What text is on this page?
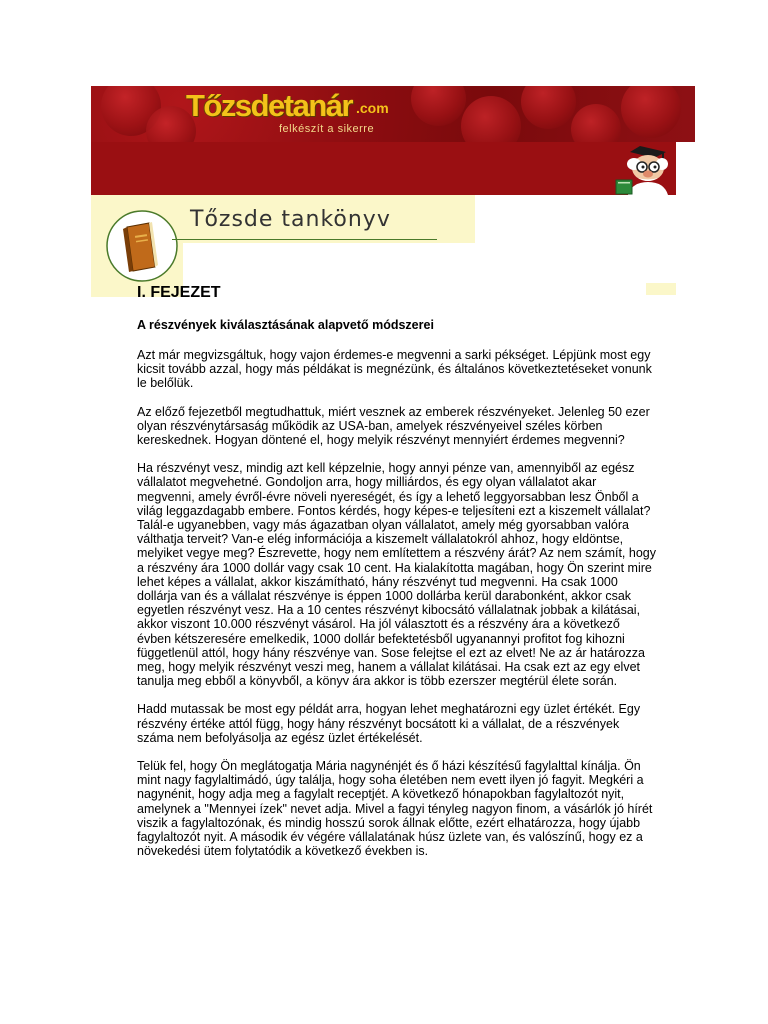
Tőzsdetanár .com
felkészít a sikerre
Tőzsde tankönyv
I. FEJEZET
A részvények kiválasztásának alapvető módszerei

Azt már megvizsgáltuk, hogy vajon érdemes-e megvenni a sarki pékséget. Lépjünk most egy kicsit tovább azzal, hogy más példákat is megnézünk, és általános következtetéseket vonunk le belőlük.

Az előző fejezetből megtudhattuk, miért vesznek az emberek részvényeket. Jelenleg 50 ezer olyan részvénytársaság működik az USA-ban, amelyek részvényeivel széles körben kereskednek. Hogyan döntené el, hogy melyik részvényt mennyiért érdemes megvenni?

Ha részvényt vesz, mindig azt kell képzelnie, hogy annyi pénze van, amennyiből az egész vállalatot megvehetné. Gondoljon arra, hogy milliárdos, és egy olyan vállalatot akar megvenni, amely évről-évre növeli nyereségét, és így a lehető leggyorsabban lesz Önből a világ leggazdagabb embere. Fontos kérdés, hogy képes-e teljesíteni ezt a kiszemelt vállalat? Talál-e ugyanebben, vagy más ágazatban olyan vállalatot, amely még gyorsabban valóra válthatja terveit? Van-e elég információja a kiszemelt vállalatokról ahhoz, hogy eldöntse, melyiket vegye meg? Észrevette, hogy nem említettem a részvény árát? Az nem számít, hogy a részvény ára 1000 dollár vagy csak 10 cent. Ha kialakította magában, hogy Ön szerint mire lehet képes a vállalat, akkor kiszámítható, hány részvényt tud megvenni. Ha csak 1000 dollárja van és a vállalat részvénye is éppen 1000 dollárba kerül darabonként, akkor csak egyetlen részvényt vesz. Ha a 10 centes részvényt kibocsátó vállalatnak jobbak a kilátásai, akkor viszont 10.000 részvényt vásárol. Ha jól választott és a részvény ára a következő évben kétszeresére emelkedik, 1000 dollár befektetésből ugyanannyi profitot fog kihozni függetlenül attól, hogy hány részvénye van. Sose felejtse el ezt az elvet! Ne az ár határozza meg, hogy melyik részvényt veszi meg, hanem a vállalat kilátásai. Ha csak ezt az egy elvet tanulja meg ebből a könyvből, a könyv ára akkor is több ezerszer megtérül élete során.

Hadd mutassak be most egy példát arra, hogyan lehet meghatározni egy üzlet értékét. Egy részvény értéke attól függ, hogy hány részvényt bocsátott ki a vállalat, de a részvények száma nem befolyásolja az egész üzlet értékelését.

Telük fel, hogy Ön meglátogatja Mária nagynénjét és ő házi készítésű fagylalttal kínálja. Ön mint nagy fagylaltimádó, úgy találja, hogy soha életében nem evett ilyen jó fagyit. Megkéri a nagynénit, hogy adja meg a fagylalt receptjét. A következő hónapokban fagylaltozót nyit, amelynek a "Mennyei ízek" nevet adja. Mivel a fagyi tényleg nagyon finom, a vásárlók jó hírét viszik a fagylaltozónak, és mindig hosszú sorok állnak előtte, ezért elhatározza, hogy újabb fagylaltozót nyit. A második év végére vállalatának húsz üzlete van, és valószínű, hogy ez a növekedési ütem folytatódik a következő években is.
